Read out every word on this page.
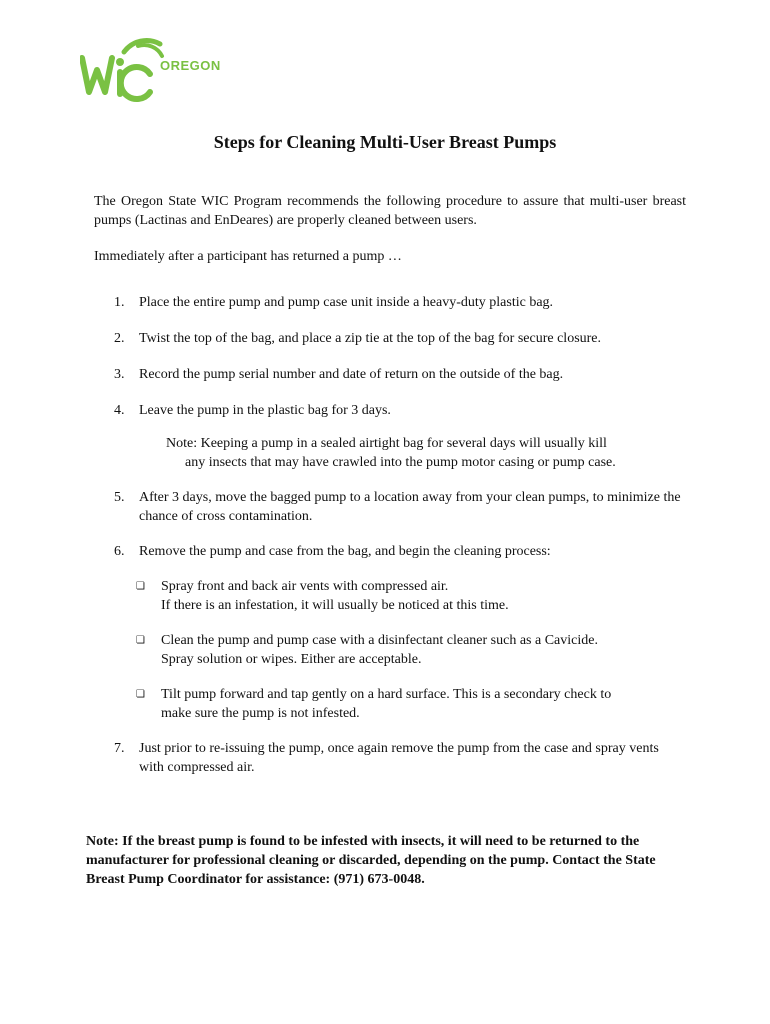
OREGON
Steps for Cleaning Multi-User Breast Pumps
The Oregon State WIC Program recommends the following procedure to assure that multi-user breast pumps (Lactinas and EnDeares) are properly cleaned between users.
Immediately after a participant has returned a pump …
1.	Place the entire pump and pump case unit inside a heavy-duty plastic bag.
2.	Twist the top of the bag, and place a zip tie at the top of the bag for secure closure.
3.	Record the pump serial number and date of return on the outside of the bag.
4.	Leave the pump in the plastic bag for 3 days.
Note: Keeping a pump in a sealed airtight bag for several days will usually kill
any insects that may have crawled into the pump motor casing or pump case.
5.	After 3 days, move the bagged pump to a location away from your clean pumps, to minimize the chance of cross contamination.
6.	Remove the pump and case from the bag, and begin the cleaning process:
❏	Spray front and back air vents with compressed air.
If there is an infestation, it will usually be noticed at this time.
❏	Clean the pump and pump case with a disinfectant cleaner such as a Cavicide.
Spray solution or wipes. Either are acceptable.
❏	Tilt pump forward and tap gently on a hard surface. This is a secondary check to
make sure the pump is not infested.
7.	Just prior to re-issuing the pump, once again remove the pump from the case and spray vents with compressed air.
Note: If the breast pump is found to be infested with insects, it will need to be returned to the manufacturer for professional cleaning or discarded, depending on the pump. Contact the State Breast Pump Coordinator for assistance: (971) 673-0048.
